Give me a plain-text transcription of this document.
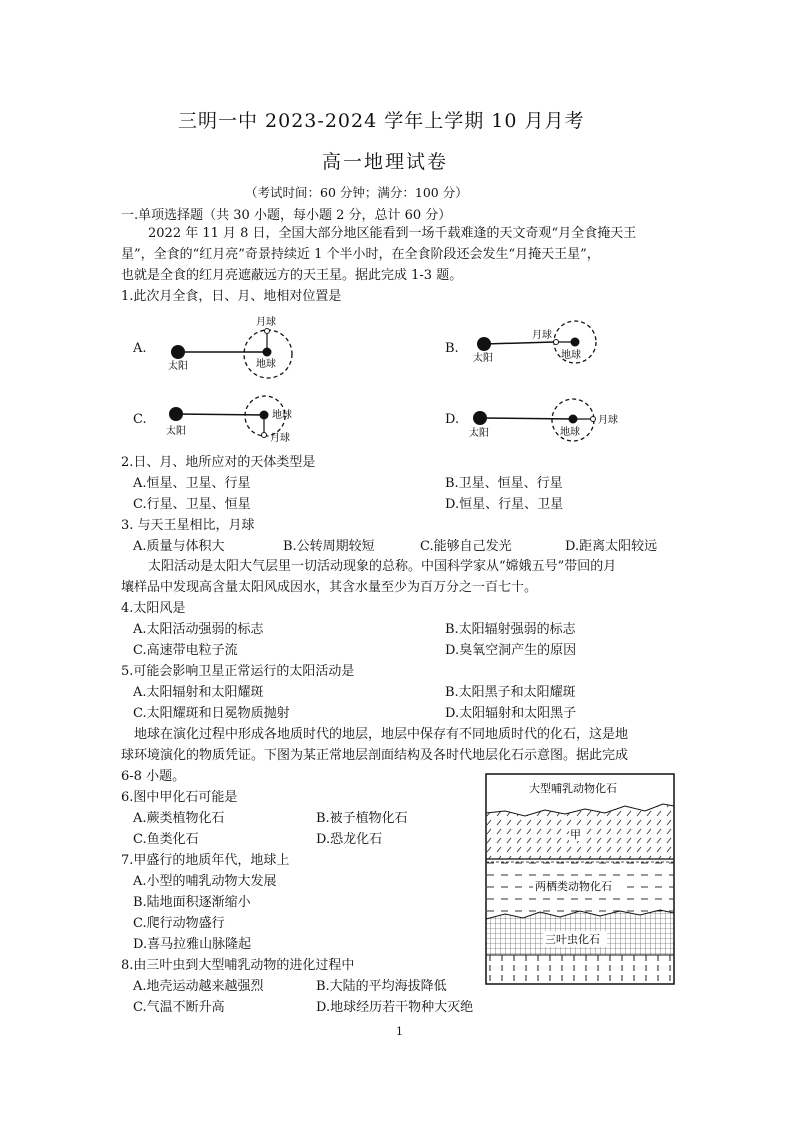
三明一中 2023-2024 学年上学期 10 月月考
高一地理试卷
（考试时间：60 分钟；满分：100 分）
一.单项选择题（共 30 小题，每小题 2 分，总计 60 分）
2022 年 11 月 8 日，全国大部分地区能看到一场千载难逢的天文奇观“月全食掩天王
星”，全食的“红月亮”奇景持续近 1 个半小时，在全食阶段还会发生“月掩天王星”，
也就是全食的红月亮遮蔽远方的天王星。据此完成 1-3 题。
1.此次月全食，日、月、地相对位置是
A.
太阳
月球
地球
B.
太阳
月球
地球
C.
太阳
地球
月球
D.
太阳	地球
月球
2.日、月、地所应对的天体类型是
A.恒星、卫星、行星	B.卫星、恒星、行星
C.行星、卫星、恒星	D.恒星、行星、卫星
3. 与天王星相比，月球
A.质量与体积大	B.公转周期较短	C.能够自己发光	D.距离太阳较远
太阳活动是太阳大气层里一切活动现象的总称。中国科学家从“嫦娥五号”带回的月
壤样品中发现高含量太阳风成因水，其含水量至少为百万分之一百七十。
4.太阳风是
A.太阳活动强弱的标志	B.太阳辐射强弱的标志
C.高速带电粒子流	D.臭氧空洞产生的原因
5.可能会影响卫星正常运行的太阳活动是
A.太阳辐射和太阳耀斑	B.太阳黑子和太阳耀斑
C.太阳耀斑和日冕物质抛射	D.太阳辐射和太阳黑子
地球在演化过程中形成各地质时代的地层，地层中保存有不同地质时代的化石，这是地
球环境演化的物质凭证。下图为某正常地层剖面结构及各时代地层化石示意图。据此完成
6-8 小题。
6.图中甲化石可能是
A.蕨类植物化石	B.被子植物化石
C.鱼类化石	D.恐龙化石
7.甲盛行的地质年代，地球上
A.小型的哺乳动物大发展
B.陆地面积逐渐缩小
C.爬行动物盛行
D.喜马拉雅山脉隆起
8.由三叶虫到大型哺乳动物的进化过程中
A.地壳运动越来越强烈	B.大陆的平均海拔降低
C.气温不断升高	D.地球经历若干物种大灭绝
大型哺乳动物化石
甲
两栖类动物化石
三叶虫化石
1
